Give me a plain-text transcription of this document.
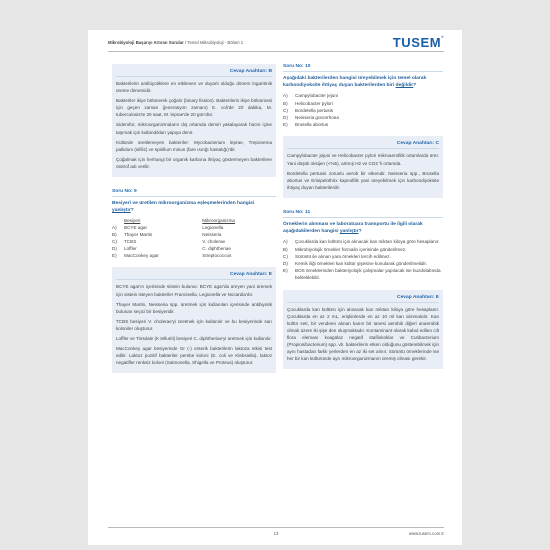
Mikrobiyoloji Başarıyı Artıran Sorular / Temel Mikrobiyoloji - Bölüm 1	TUSEM®
Cevap Anahtarı: B

Bakterilerin antibiyotiklere en etkilenen ve duyarlı olduğu dönem logaritmik üreme dönemidir.

Bakteriler ikiye bölünerek çoğalır (binary fission). Bakterilerin ikiye bölünmesi için geçen zaman (jenerasyon zamanı) E. coli'de 20 dakika, M. tuberculosis'te 20 saat, M. leprae'de 20 gün'dür.

Siderofor, mikroorganizmaların dış ortamda demiri yakalayarak hücre içine taşımak için kullandıkları yapıya denir.

Kültürde üretilemeyen bakteriler: Mycobacterium leprae, Treponema pallidum (sifiliz) ve spirillum minus (fare ısırığı hastalığı)'dir.

Çoğalmak için herhangi bir organik karbona ihtiyaç göstermeyen bakterilere ototrof adı verilir.

Soru No: 9
Besiyeri ve üretilen mikroorganizma eşleşmelerinden hangisi yanlıştır?
	Besiyeri	Mikroorganizma
A)	BCYE agar	Legionella
B)	Thayer Martin	Neisseria
C)	TCBS	V. cholerae
D)	Loffler	C. diphtheriae
E)	MacConkey agar	Streptococcus
Cevap Anahtarı: E

BCYE agar'ın içerisinde sistein bulunur. BCYE agar'da üreyen yani üremek için sistein isteyen bakteriler Francisella, Legionella ve Nocardia'dır.

Thayer Martin, Neisseria spp. üretmek için kullanılan içerisinde antibiyotik bulunan seçici bir besiyeridir.

TCBS besiyeri V. cholerae'yi üretmek için kullanılır ve bu besiyerinde sarı koloniler oluşturur.

Loffler ve Tinsdale (K telluriti) besiyeri C. diphtheriae'yi üretmek için kullanılır.

MacConkey agar besiyerinde Gr (-) enterik bakterilerin laktoza etkisi test edilir. Laktoz pozitif bakteriler pembe koloni (E. coli ve Klebsiella), laktoz negatifler renksiz koloni (Salmonella, Shigella ve Proteus) oluşturur.

Soru No: 10
Aşağıdaki bakterilerden hangisi üreyebilmek için temel olarak karbondiyoksite ihtiyaç duyan bakterilerden biri değildir?
A)	Campylobacter jejuni
B)	Helicobacter pylori
C)	Bordetella pertusis
D)	Neisseria gonorrhoea
E)	Brusella abortus
Cevap Anahtarı: C

Campylobacter jejuni ve Helicobacter pylori mikroaerofilik ortamlarda ürer. Yani düşük oksijen (<%5), artmış H2 ve CO2 'li ortamda.

Bordetella pertusis zorunlu aerob bir etkendir. Neisseria spp., Brusella abortus ve Erisipelothrix kapnofilik yani üreyebilmek için karbondiyoksite ihtiyaç duyan bakterilerdir.

Soru No: 11
Örneklerin alınması ve laboratuara transportu ile ilgili olarak aşağıdakilerden hangisi yanlıştır?
A)	Çocuklarda kan kültürü için alınacak kan miktarı kiloya göre hesaplanır.
B)	Mikrobiyolojik örnekler formalin içerisinde gönderilmez.
C)	Sürüntü ile alınan yara örnekleri tercih edilmez.
D)	Kemik iliği örnekleri kan kültür şişesine konularak gönderilmelidir.
E)	BOS örneklerinden bakteriyolojik çalışmalar yapılacak ise buzdolabında bekletilebilir.
Cevap Anahtarı: E

Çocuklarda kan kültürü için alınacak kan miktarı kiloya göre hesaplanır. Çocuklarda en az 2 mL, erişkinlerde en az 10 ml kan alınmalıdır. Kan kültür seti, bir vendeen alınan kanın bir tanesi aerobik diğeri anaerobik olmak üzere iki şişe den oluşmaktadır. Kontaminant olarak kabul edilen cilt flora elemanı koagülaz negatif stafilokoklar ve Cutibacterium (Propionibacterium) spp. vb. bakterilerin etken olduğunu gösterebilmek için aynı hastadan farklı yerlerden en az iki set alınır. Sürüntü örneklerinde ise her bir kan kültüründe ayrı mikroorganizmanın üremiş olması gerekir.

13	www.tusem.com.tr
